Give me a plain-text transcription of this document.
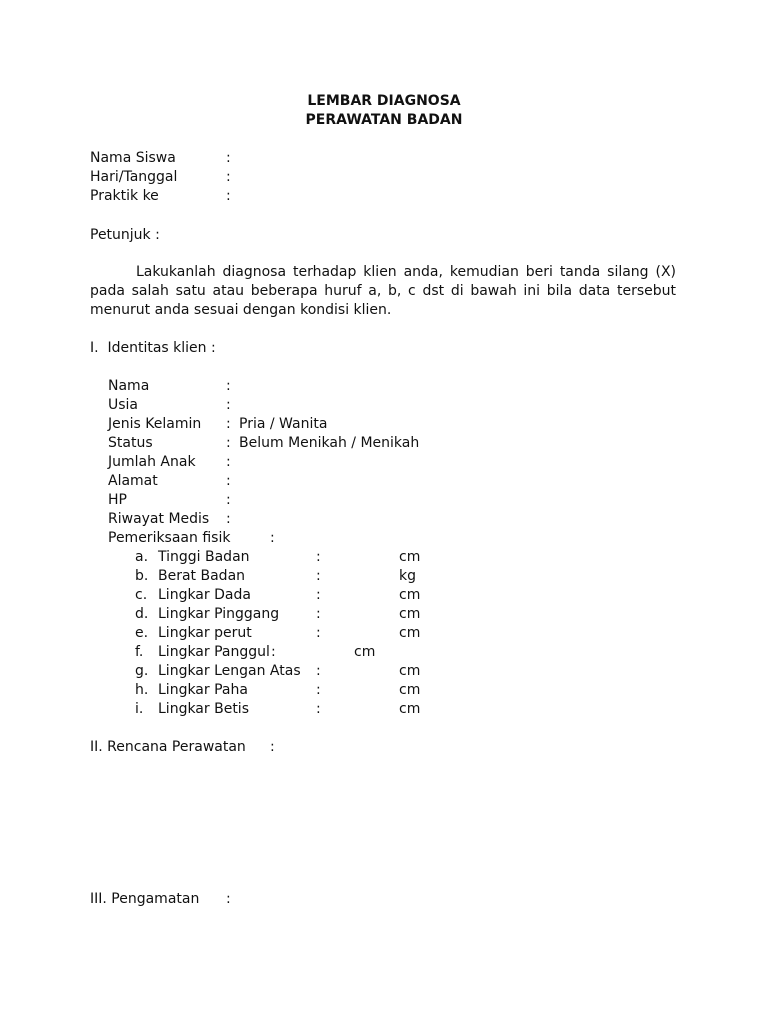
LEMBAR DIAGNOSA
PERAWATAN BADAN
Nama Siswa	:
Hari/Tanggal	:
Praktik ke	:
Petunjuk :
Lakukanlah diagnosa terhadap klien anda, kemudian beri tanda silang (X)
pada salah satu atau beberapa huruf a, b, c dst di bawah ini bila data tersebut
menurut anda sesuai dengan kondisi klien.
I.  Identitas klien :
Nama	:
Usia	:
Jenis Kelamin : Pria / Wanita
Status	: Belum Menikah / Menikah
Jumlah Anak :
Alamat	:
HP	:
Riwayat Medis :
Pemeriksaan fisik	:
a. Tinggi Badan	:	cm
b. Berat Badan	:	kg
c. Lingkar Dada	:	cm
d. Lingkar Pinggang	:	cm
e. Lingkar perut	:	cm
f. Lingkar Panggul :	cm
g. Lingkar Lengan Atas :	cm
h. Lingkar Paha	:	cm
i. Lingkar Betis	:	cm
II. Rencana Perawatan :
III. Pengamatan :
